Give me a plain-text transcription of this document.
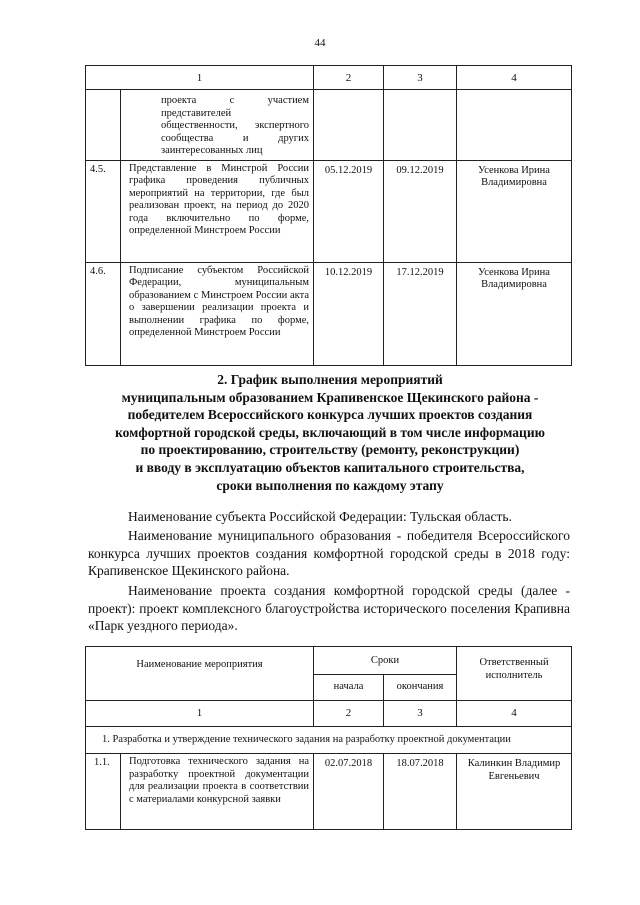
44
1		2	3	4
	проекта с участием представителей общественности, экспертного сообщества и других заинтересованных лиц			
4.5.	Представление в Минстрой России графика проведения публичных мероприятий на территории, где был реализован проект, на период до 2020 года включительно по форме, определенной Минстроем России	05.12.2019	09.12.2019	Усенкова Ирина Владимировна
4.6.	Подписание субъектом Российской Федерации, муниципальным образованием с Минстроем России акта о завершении реализации проекта и выполнении графика по форме, определенной Минстроем России	10.12.2019	17.12.2019	Усенкова Ирина Владимировна
2. График выполнения мероприятий
муниципальным образованием Крапивенское Щекинского района -
победителем Всероссийского конкурса лучших проектов создания
комфортной городской среды, включающий в том числе информацию
по проектированию, строительству (ремонту, реконструкции)
и вводу в эксплуатацию объектов капитального строительства,
сроки выполнения по каждому этапу
Наименование субъекта Российской Федерации: Тульская область.
Наименование муниципального образования - победителя Всероссийского конкурса лучших проектов создания комфортной городской среды в 2018 году: Крапивенское Щекинского района.
Наименование проекта создания комфортной городской среды (далее - проект): проект комплексного благоустройства исторического поселения Крапивна «Парк уездного периода».
Наименование мероприятия		Сроки		Ответственный исполнитель
		начала	окончания	
1		2	3	4
1. Разработка и утверждение технического задания на разработку проектной документации				
1.1.	Подготовка технического задания на разработку проектной документации для реализации проекта в соответствии с материалами конкурсной заявки	02.07.2018	18.07.2018	Калинкин Владимир Евгеньевич
